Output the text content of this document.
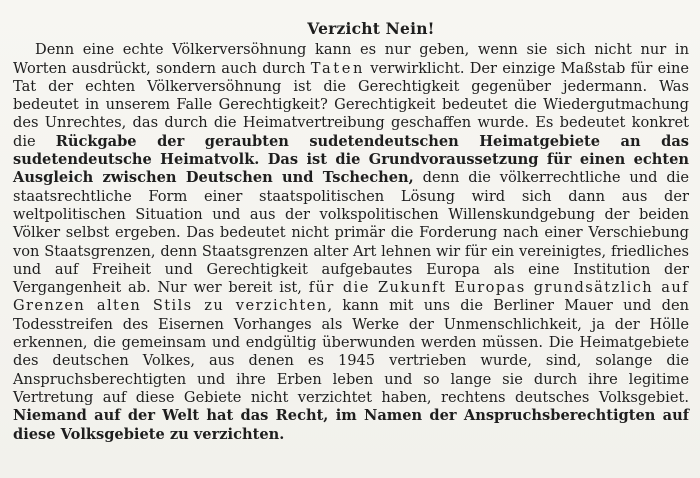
Verzicht Nein!

Denn eine echte Völkerversöhnung kann es nur geben, wenn sie sich nicht nur in Worten ausdrückt, sondern auch durch Taten verwirklicht. Der einzige Maßstab für eine Tat der echten Völkerversöhnung ist die Gerechtigkeit gegenüber jedermann. Was bedeutet in unserem Falle Gerechtigkeit? Gerechtigkeit bedeutet die Wiedergutmachung des Unrechtes, das durch die Heimatvertreibung geschaffen wurde. Es bedeutet konkret die Rückgabe der geraubten sudetendeutschen Heimatgebiete an das sudetendeutsche Heimatvolk. Das ist die Grundvoraussetzung für einen echten Ausgleich zwischen Deutschen und Tschechen, denn die völkerrechtliche und die staatsrechtliche Form einer staatspolitischen Lösung wird sich dann aus der weltpolitischen Situation und aus der volkspolitischen Willenskundgebung der beiden Völker selbst ergeben. Das bedeutet nicht primär die Forderung nach einer Verschiebung von Staatsgrenzen, denn Staatsgrenzen alter Art lehnen wir für ein vereinigtes, friedliches und auf Freiheit und Gerechtigkeit aufgebautes Europa als eine Institution der Vergangenheit ab. Nur wer bereit ist, für die Zukunft Europas grundsätzlich auf Grenzen alten Stils zu verzichten, kann mit uns die Berliner Mauer und den Todesstreifen des Eisernen Vorhanges als Werke der Unmenschlichkeit, ja der Hölle erkennen, die gemeinsam und endgültig überwunden werden müssen. Die Heimatgebiete des deutschen Volkes, aus denen es 1945 vertrieben wurde, sind, solange die Anspruchsberechtigten und ihre Erben leben und so lange sie durch ihre legitime Vertretung auf diese Gebiete nicht verzichtet haben, rechtens deutsches Volksgebiet. Niemand auf der Welt hat das Recht, im Namen der Anspruchsberechtigten auf diese Volksgebiete zu verzichten.
